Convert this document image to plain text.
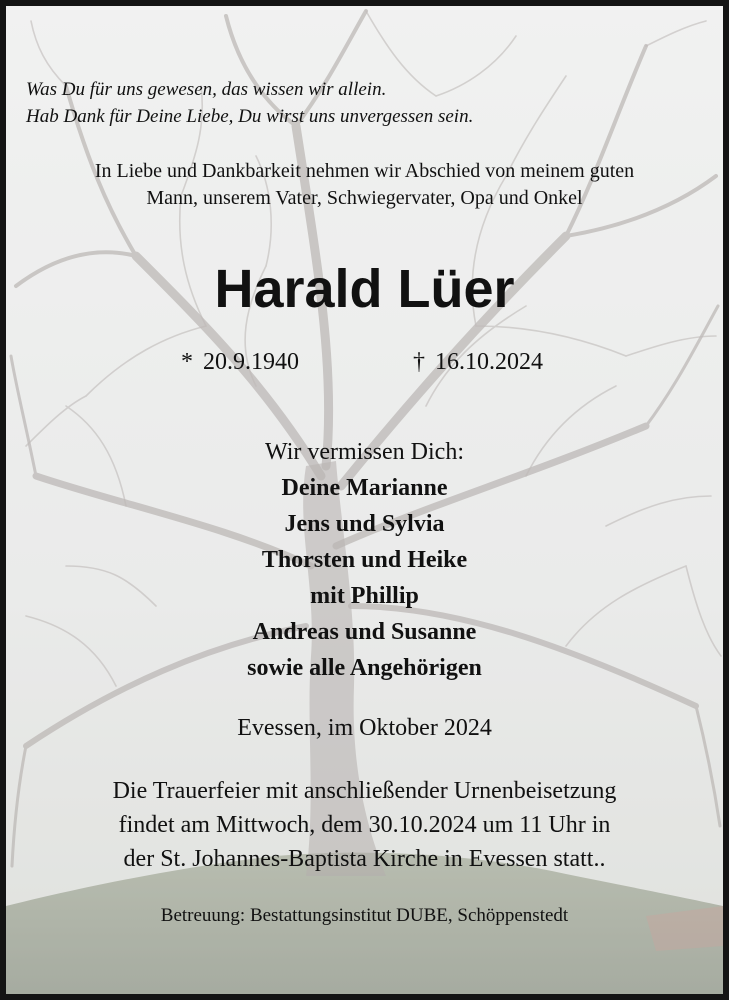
Was Du für uns gewesen, das wissen wir allein.
Hab Dank für Deine Liebe, Du wirst uns unvergessen sein.
In Liebe und Dankbarkeit nehmen wir Abschied von meinem guten
Mann, unserem Vater, Schwiegervater, Opa und Onkel
Harald Lüer
* 20.9.1940	† 16.10.2024
Wir vermissen Dich:
Deine Marianne
Jens und Sylvia
Thorsten und Heike
mit Phillip
Andreas und Susanne
sowie alle Angehörigen
Evessen, im Oktober 2024
Die Trauerfeier mit anschließender Urnenbeisetzung
findet am Mittwoch, dem 30.10.2024 um 11 Uhr in
der St. Johannes-Baptista Kirche in Evessen statt..
Betreuung: Bestattungsinstitut DUBE, Schöppenstedt
